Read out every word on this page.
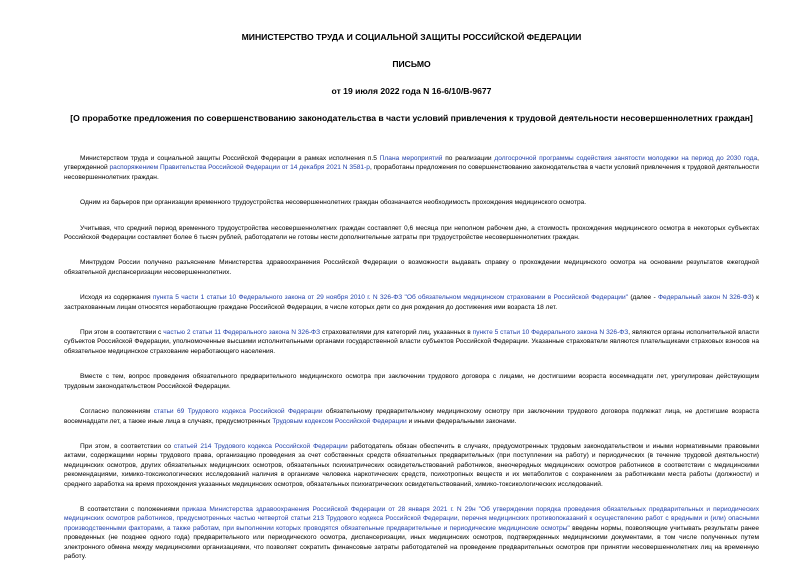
МИНИСТЕРСТВО ТРУДА И СОЦИАЛЬНОЙ ЗАЩИТЫ РОССИЙСКОЙ ФЕДЕРАЦИИ
ПИСЬМО
от 19 июля 2022 года N 16-6/10/В-9677
[О проработке предложения по совершенствованию законодательства в части условий привлечения к трудовой деятельности несовершеннолетних граждан]

Министерством труда и социальной защиты Российской Федерации в рамках исполнения п.5 Плана мероприятий по реализации долгосрочной программы содействия занятости молодежи на период до 2030 года, утвержденной распоряжением Правительства Российской Федерации от 14 декабря 2021 N 3581-р, проработаны предложения по совершенствованию законодательства в части условий привлечения к трудовой деятельности несовершеннолетних граждан.

Одним из барьеров при организации временного трудоустройства несовершеннолетних граждан обозначается необходимость прохождения медицинского осмотра.

Учитывая, что средний период временного трудоустройства несовершеннолетних граждан составляет 0,6 месяца при неполном рабочем дне, а стоимость прохождения медицинского осмотра в некоторых субъектах Российской Федерации составляет более 6 тысяч рублей, работодатели не готовы нести дополнительные затраты при трудоустройстве несовершеннолетних граждан.

Минтрудом России получено разъяснение Министерства здравоохранения Российской Федерации о возможности выдавать справку о прохождении медицинского осмотра на основании результатов ежегодной обязательной диспансеризации несовершеннолетних.

Исходя из содержания пункта 5 части 1 статьи 10 Федерального закона от 29 ноября 2010 г. N 326-ФЗ "Об обязательном медицинском страховании в Российской Федерации" (далее - Федеральный закон N 326-ФЗ) к застрахованным лицам относятся неработающие граждане Российской Федерации, в числе которых дети со дня рождения до достижения ими возраста 18 лет.

При этом в соответствии с частью 2 статьи 11 Федерального закона N 326-ФЗ страхователями для категорий лиц, указанных в пункте 5 статьи 10 Федерального закона N 326-ФЗ, являются органы исполнительной власти субъектов Российской Федерации, уполномоченные высшими исполнительными органами государственной власти субъектов Российской Федерации. Указанные страхователи являются плательщиками страховых взносов на обязательное медицинское страхование неработающего населения.

Вместе с тем, вопрос проведения обязательного предварительного медицинского осмотра при заключении трудового договора с лицами, не достигшими возраста восемнадцати лет, урегулирован действующим трудовым законодательством Российской Федерации.

Согласно положениям статьи 69 Трудового кодекса Российской Федерации обязательному предварительному медицинскому осмотру при заключении трудового договора подлежат лица, не достигшие возраста восемнадцати лет, а также иные лица в случаях, предусмотренных Трудовым кодексом Российской Федерации и иными федеральными законами.

При этом, в соответствии со статьей 214 Трудового кодекса Российской Федерации работодатель обязан обеспечить в случаях, предусмотренных трудовым законодательством и иными нормативными правовыми актами, содержащими нормы трудового права, организацию проведения за счет собственных средств обязательных предварительных (при поступлении на работу) и периодических (в течение трудовой деятельности) медицинских осмотров, других обязательных медицинских осмотров, обязательных психиатрических освидетельствований работников, внеочередных медицинских осмотров работников в соответствии с медицинскими рекомендациями, химико-токсикологических исследований наличия в организме человека наркотических средств, психотропных веществ и их метаболитов с сохранением за работниками места работы (должности) и среднего заработка на время прохождения указанных медицинских осмотров, обязательных психиатрических освидетельствований, химико-токсикологических исследований.

В соответствии с положениями приказа Министерства здравоохранения Российской Федерации от 28 января 2021 г. N 29н "Об утверждении порядка проведения обязательных предварительных и периодических медицинских осмотров работников, предусмотренных частью четвертой статьи 213 Трудового кодекса Российской Федерации, перечня медицинских противопоказаний к осуществлению работ с вредными и (или) опасными производственными факторами, а также работам, при выполнении которых проводятся обязательные предварительные и периодические медицинские осмотры" введены нормы, позволяющие учитывать результаты ранее проведенных (не позднее одного года) предварительного или периодического осмотра, диспансеризации, иных медицинских осмотров, подтвержденных медицинскими документами, в том числе полученных путем электронного обмена между медицинскими организациями, что позволяет сократить финансовые затраты работодателей на проведение предварительных осмотров при принятии несовершеннолетних лиц на временную работу.
